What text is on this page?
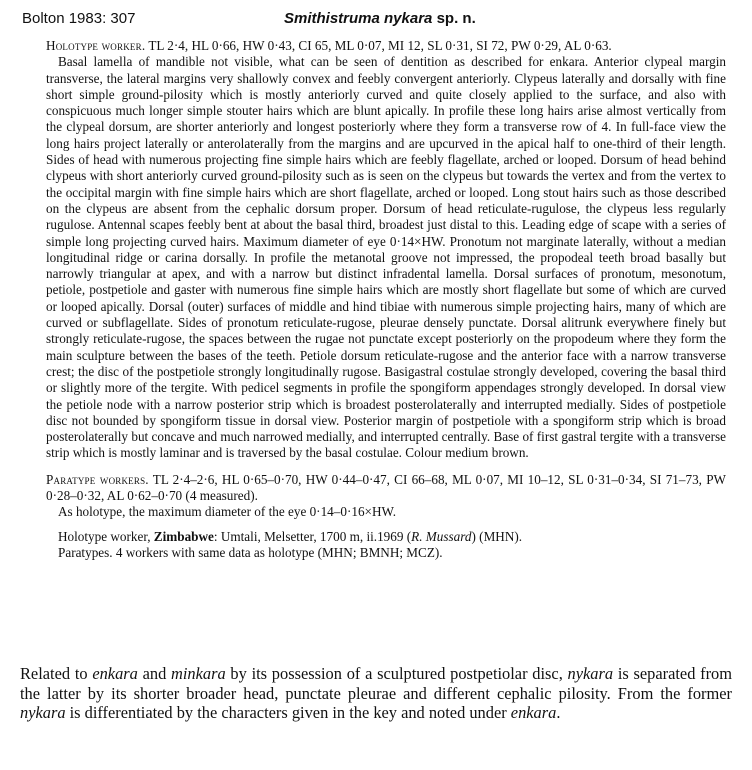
Bolton 1983: 307	Smithistruma nykara sp. n.

Holotype worker. TL 2·4, HL 0·66, HW 0·43, CI 65, ML 0·07, MI 12, SL 0·31, SI 72, PW 0·29, AL 0·63.

Basal lamella of mandible not visible, what can be seen of dentition as described for enkara. Anterior clypeal margin transverse, the lateral margins very shallowly convex and feebly convergent anteriorly. Clypeus laterally and dorsally with fine short simple ground-pilosity which is mostly anteriorly curved and quite closely applied to the surface, and also with conspicuous much longer simple stouter hairs which are blunt apically. In profile these long hairs arise almost vertically from the clypeal dorsum, are shorter anteriorly and longest posteriorly where they form a transverse row of 4. In full-face view the long hairs project laterally or anterolaterally from the margins and are upcurved in the apical half to one-third of their length. Sides of head with numerous projecting fine simple hairs which are feebly flagellate, arched or looped. Dorsum of head behind clypeus with short anteriorly curved ground-pilosity such as is seen on the clypeus but towards the vertex and from the vertex to the occipital margin with fine simple hairs which are short flagellate, arched or looped. Long stout hairs such as those described on the clypeus are absent from the cephalic dorsum proper. Dorsum of head reticulate-rugulose, the clypeus less regularly rugulose. Antennal scapes feebly bent at about the basal third, broadest just distal to this. Leading edge of scape with a series of simple long projecting curved hairs. Maximum diameter of eye 0·14×HW. Pronotum not marginate laterally, without a median longitudinal ridge or carina dorsally. In profile the metanotal groove not impressed, the propodeal teeth broad basally but narrowly triangular at apex, and with a narrow but distinct infradental lamella. Dorsal surfaces of pronotum, mesonotum, petiole, postpetiole and gaster with numerous fine simple hairs which are mostly short flagellate but some of which are curved or looped apically. Dorsal (outer) surfaces of middle and hind tibiae with numerous simple projecting hairs, many of which are curved or subflagellate. Sides of pronotum reticulate-rugose, pleurae densely punctate. Dorsal alitrunk everywhere finely but strongly reticulate-rugose, the spaces between the rugae not punctate except posteriorly on the propodeum where they form the main sculpture between the bases of the teeth. Petiole dorsum reticulate-rugose and the anterior face with a narrow transverse crest; the disc of the postpetiole strongly longitudinally rugose. Basigastral costulae strongly developed, covering the basal third or slightly more of the tergite. With pedicel segments in profile the spongiform appendages strongly developed. In dorsal view the petiole node with a narrow posterior strip which is broadest posterolaterally and interrupted medially. Sides of postpetiole disc not bounded by spongiform tissue in dorsal view. Posterior margin of postpetiole with a spongiform strip which is broad posterolaterally but concave and much narrowed medially, and interrupted centrally. Base of first gastral tergite with a transverse strip which is mostly laminar and is traversed by the basal costulae. Colour medium brown.

Paratype workers. TL 2·4–2·6, HL 0·65–0·70, HW 0·44–0·47, CI 66–68, ML 0·07, MI 10–12, SL 0·31–0·34, SI 71–73, PW 0·28–0·32, AL 0·62–0·70 (4 measured).

As holotype, the maximum diameter of the eye 0·14–0·16×HW.

Holotype worker, Zimbabwe: Umtali, Melsetter, 1700 m, ii.1969 (R. Mussard) (MHN).

Paratypes. 4 workers with same data as holotype (MHN; BMNH; MCZ).

Related to enkara and minkara by its possession of a sculptured postpetiolar disc, nykara is separated from the latter by its shorter broader head, punctate pleurae and different cephalic pilosity. From the former nykara is differentiated by the characters given in the key and noted under enkara.
